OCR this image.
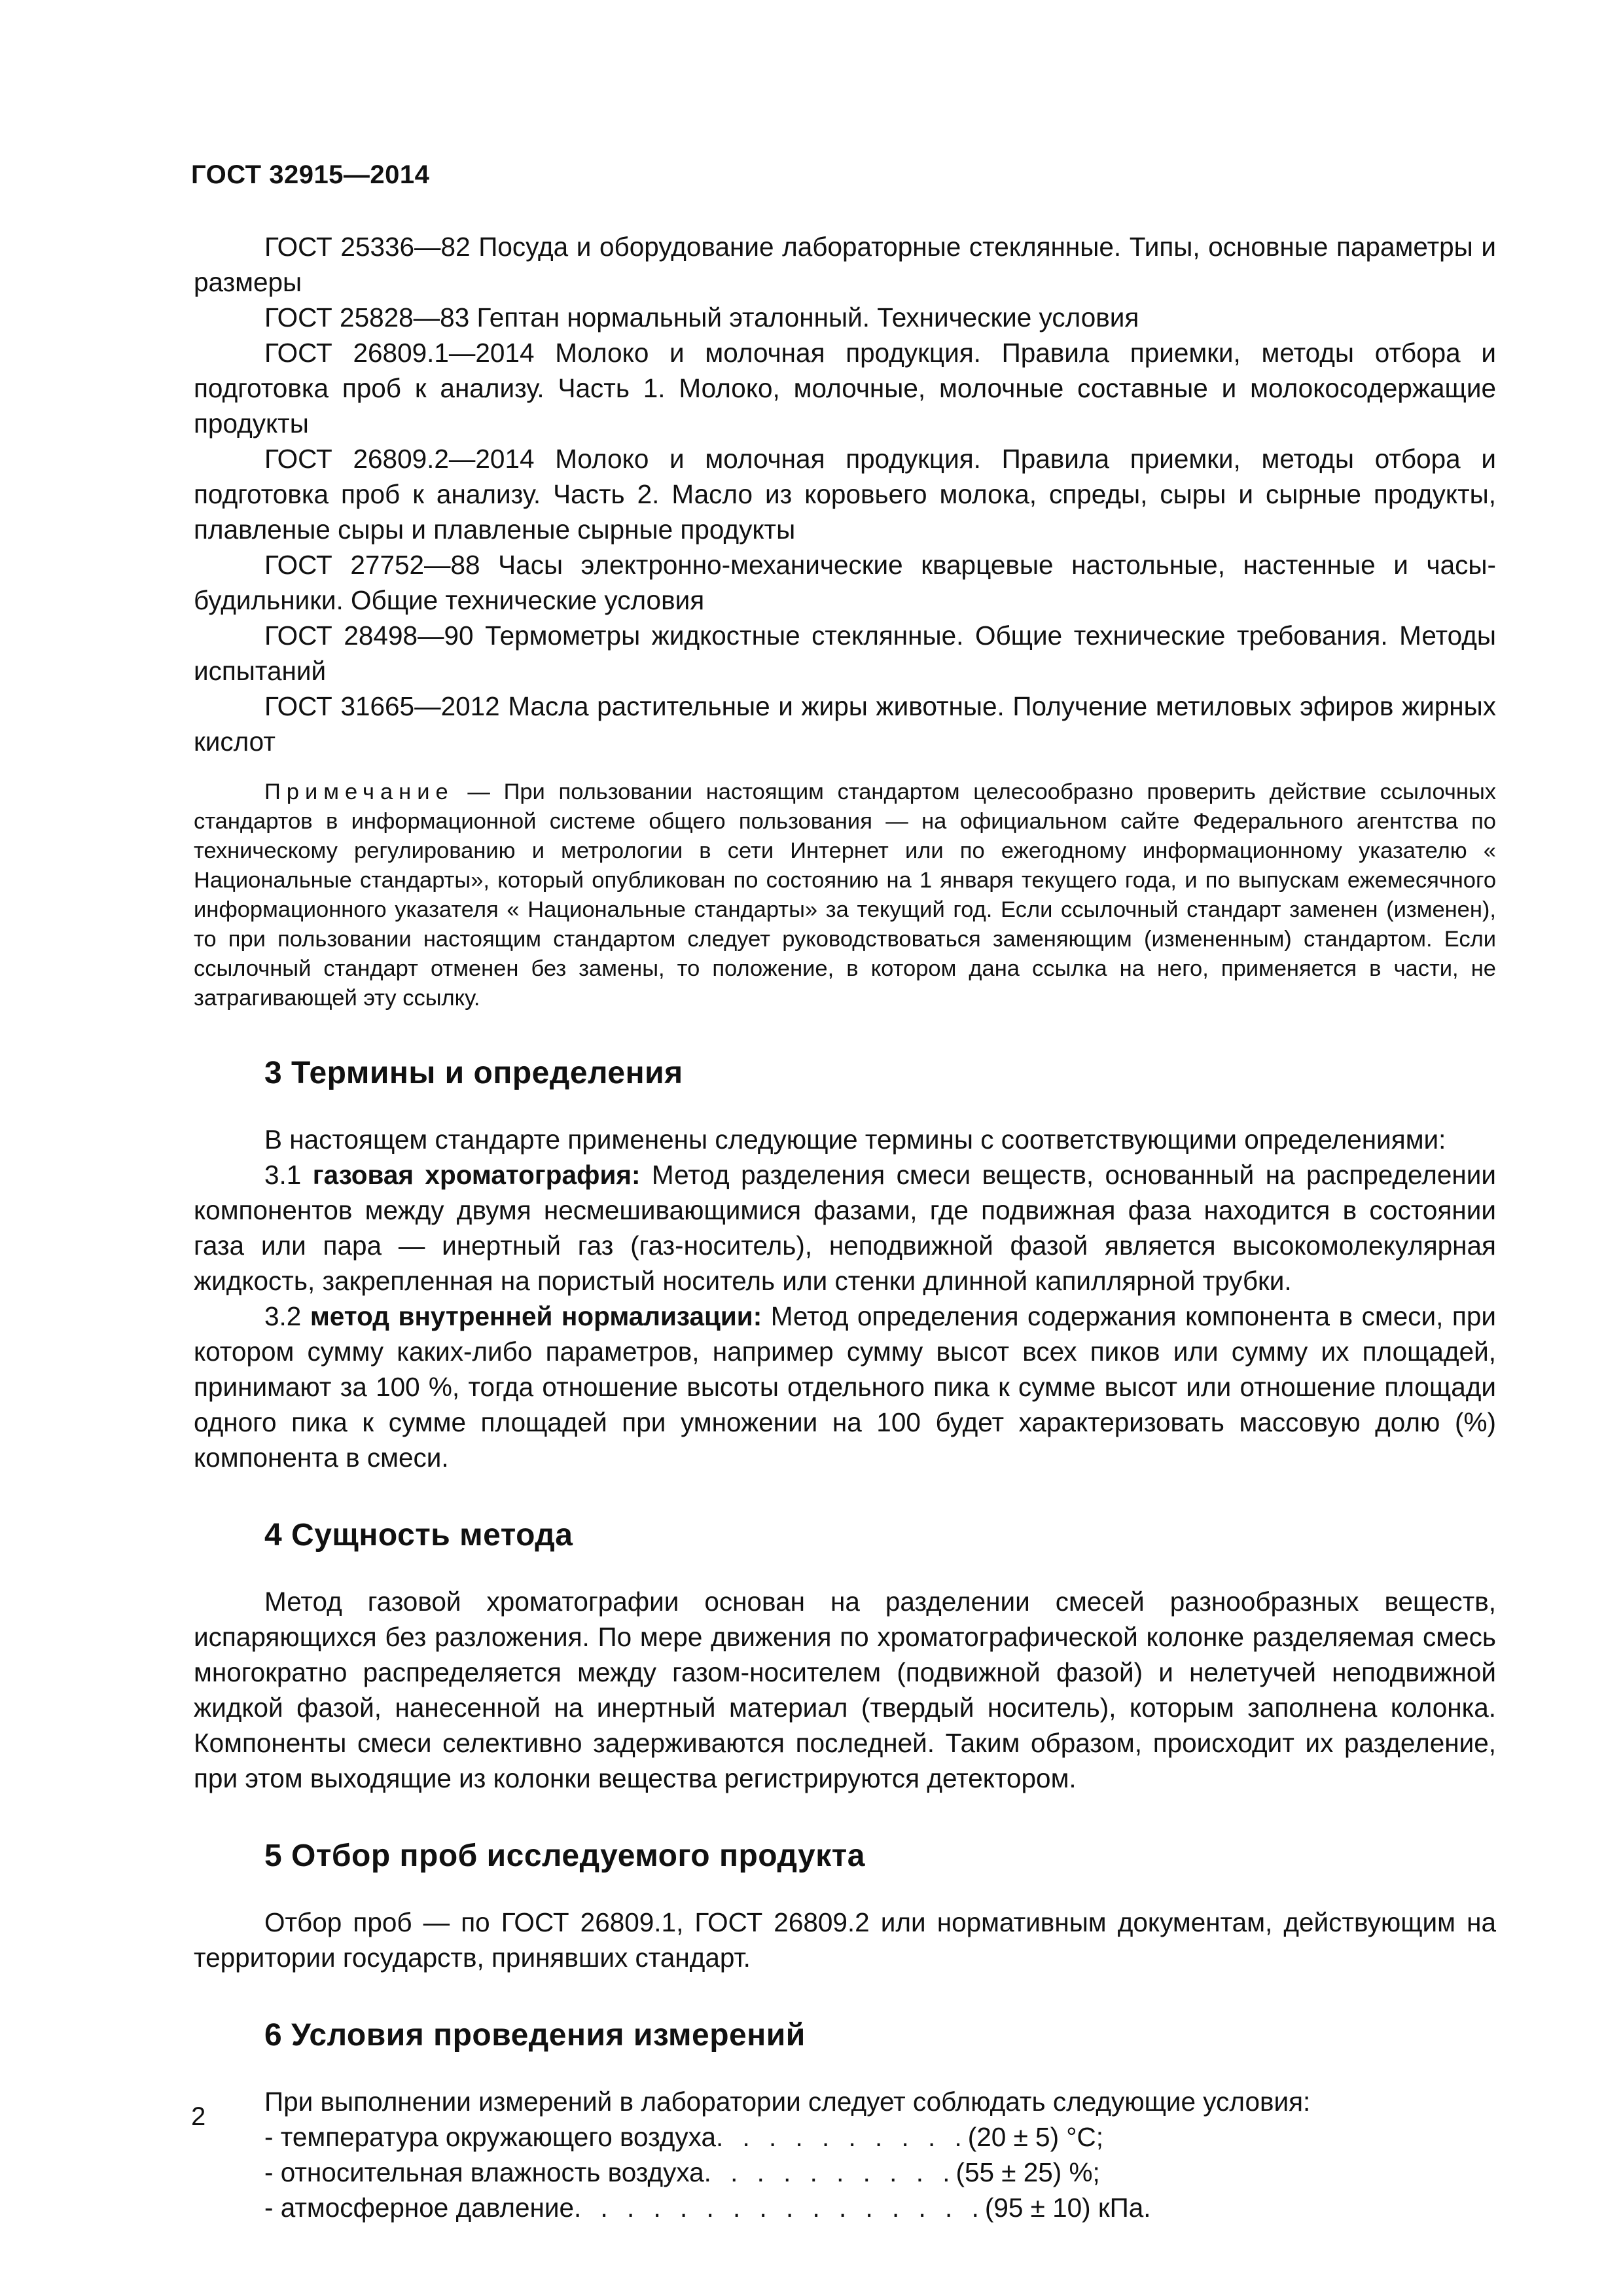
ГОСТ 32915—2014

ГОСТ 25336—82 Посуда и оборудование лабораторные стеклянные. Типы, основные параметры и размеры

ГОСТ 25828—83 Гептан нормальный эталонный. Технические условия

ГОСТ 26809.1—2014 Молоко и молочная продукция. Правила приемки, методы отбора и подготовка проб к анализу. Часть 1. Молоко, молочные, молочные составные и молокосодержащие продукты

ГОСТ 26809.2—2014 Молоко и молочная продукция. Правила приемки, методы отбора и подготовка проб к анализу. Часть 2. Масло из коровьего молока, спреды, сыры и сырные продукты, плавленые сыры и плавленые сырные продукты

ГОСТ 27752—88 Часы электронно-механические кварцевые настольные, настенные и часы-будильники. Общие технические условия

ГОСТ 28498—90 Термометры жидкостные стеклянные. Общие технические требования. Методы испытаний

ГОСТ 31665—2012 Масла растительные и жиры животные. Получение метиловых эфиров жирных кислот

Примечание — При пользовании настоящим стандартом целесообразно проверить действие ссылочных стандартов в информационной системе общего пользования — на официальном сайте Федерального агентства по техническому регулированию и метрологии в сети Интернет или по ежегодному информационному указателю « Национальные стандарты», который опубликован по состоянию на 1 января текущего года, и по выпускам ежемесячного информационного указателя « Национальные стандарты» за текущий год. Если ссылочный стандарт заменен (изменен), то при пользовании настоящим стандартом следует руководствоваться заменяющим (измененным) стандартом. Если ссылочный стандарт отменен без замены, то положение, в котором дана ссылка на него, применяется в части, не затрагивающей эту ссылку.

3 Термины и определения

В настоящем стандарте применены следующие термины с соответствующими определениями:

3.1 газовая хроматография: Метод разделения смеси веществ, основанный на распределении компонентов между двумя несмешивающимися фазами, где подвижная фаза находится в состоянии газа или пара — инертный газ (газ-носитель), неподвижной фазой является высокомолекулярная жидкость, закрепленная на пористый носитель или стенки длинной капиллярной трубки.

3.2 метод внутренней нормализации: Метод определения содержания компонента в смеси, при котором сумму каких-либо параметров, например сумму высот всех пиков или сумму их площадей, принимают за 100 %, тогда отношение высоты отдельного пика к сумме высот или отношение площади одного пика к сумме площадей при умножении на 100 будет характеризовать массовую долю (%) компонента в смеси.

4 Сущность метода

Метод газовой хроматографии основан на разделении смесей разнообразных веществ, испаряющихся без разложения. По мере движения по хроматографической колонке разделяемая смесь многократно распределяется между газом-носителем (подвижной фазой) и нелетучей неподвижной жидкой фазой, нанесенной на инертный материал (твердый носитель), которым заполнена колонка. Компоненты смеси селективно задерживаются последней. Таким образом, происходит их разделение, при этом выходящие из колонки вещества регистрируются детектором.

5 Отбор проб исследуемого продукта

Отбор проб — по ГОСТ 26809.1, ГОСТ 26809.2 или нормативным документам, действующим на территории государств, принявших стандарт.

6 Условия проведения измерений

При выполнении измерений в лаборатории следует соблюдать следующие условия:

- температура окружающего воздуха . . . . . . . . . . (20 ± 5) °C;
- относительная влажность воздуха . . . . . . . . . . (55 ± 25) %;
- атмосферное давление . . . . . . . . . . . . . . . . (95 ± 10) кПа.
2
